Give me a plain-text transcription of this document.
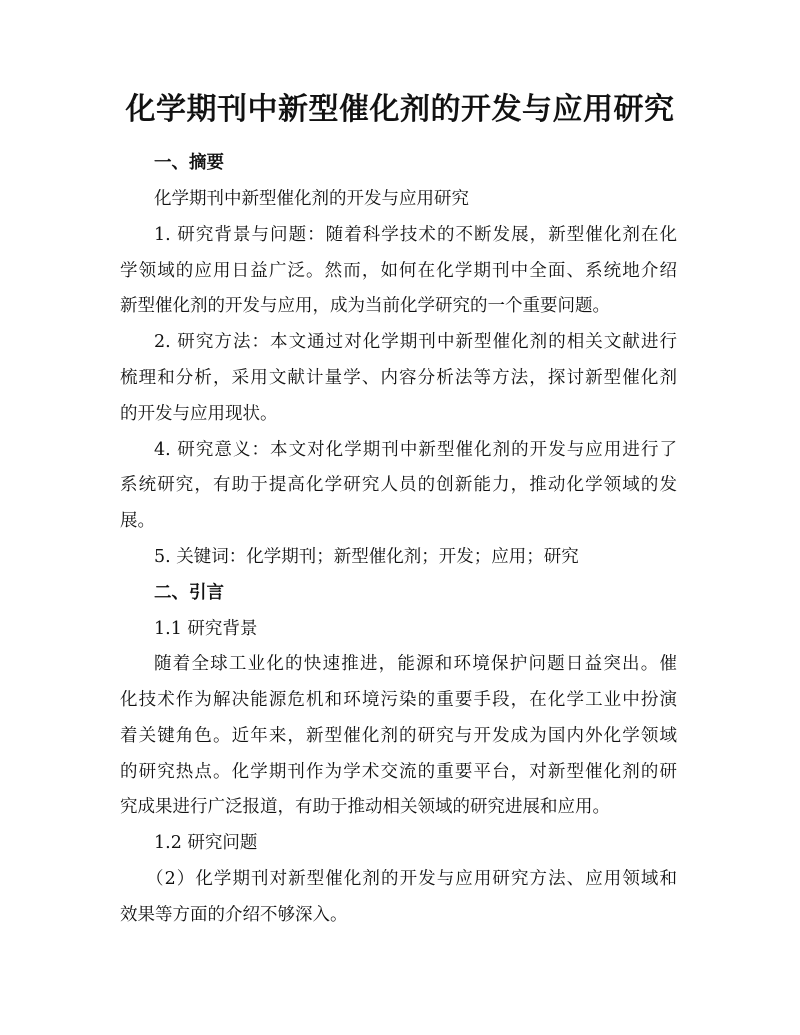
化学期刊中新型催化剂的开发与应用研究

一、摘要

化学期刊中新型催化剂的开发与应用研究

1. 研究背景与问题：随着科学技术的不断发展，新型催化剂在化

学领域的应用日益广泛。然而，如何在化学期刊中全面、系统地介绍

新型催化剂的开发与应用，成为当前化学研究的一个重要问题。

2. 研究方法：本文通过对化学期刊中新型催化剂的相关文献进行

梳理和分析，采用文献计量学、内容分析法等方法，探讨新型催化剂

的开发与应用现状。

4. 研究意义：本文对化学期刊中新型催化剂的开发与应用进行了

系统研究，有助于提高化学研究人员的创新能力，推动化学领域的发

展。

5. 关键词：化学期刊；新型催化剂；开发；应用；研究

二、引言

1.1 研究背景

随着全球工业化的快速推进，能源和环境保护问题日益突出。催

化技术作为解决能源危机和环境污染的重要手段，在化学工业中扮演

着关键角色。近年来，新型催化剂的研究与开发成为国内外化学领域

的研究热点。化学期刊作为学术交流的重要平台，对新型催化剂的研

究成果进行广泛报道，有助于推动相关领域的研究进展和应用。

1.2 研究问题

（2）化学期刊对新型催化剂的开发与应用研究方法、应用领域和

效果等方面的介绍不够深入。
